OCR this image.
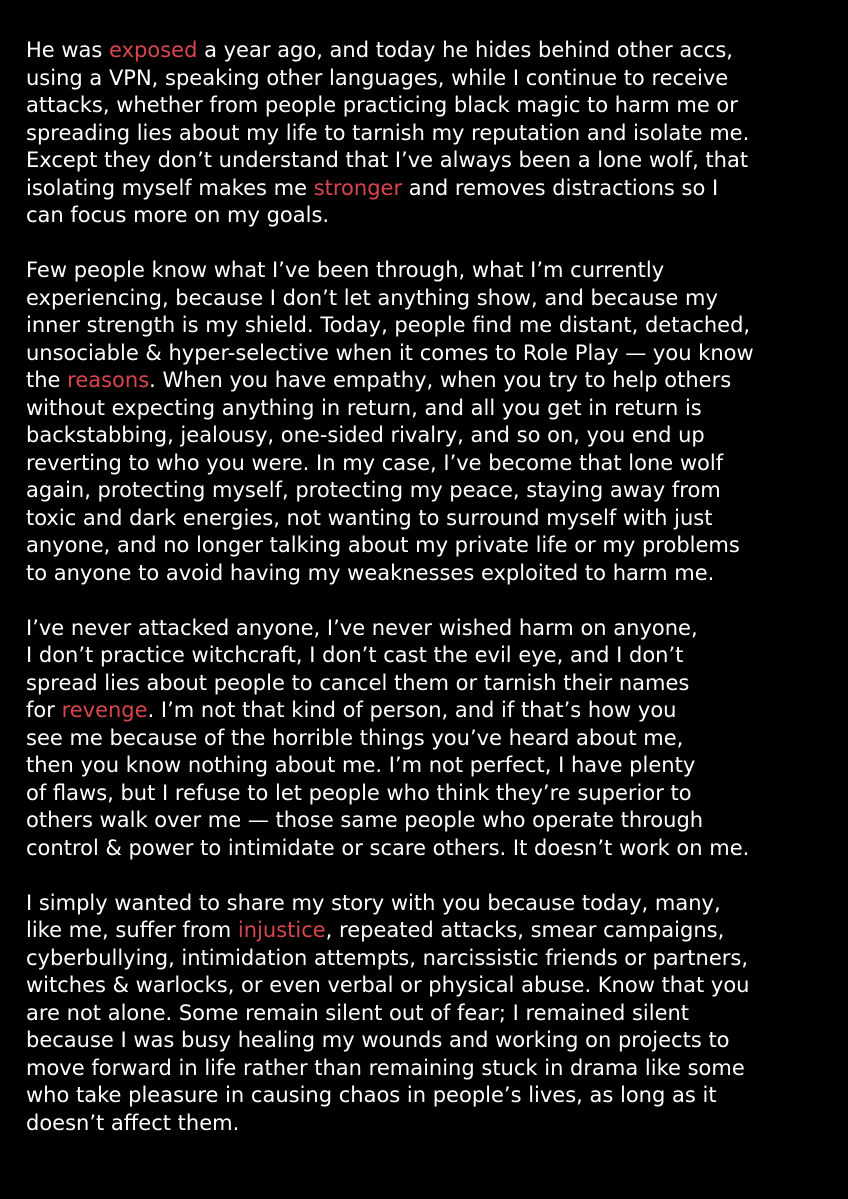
He was exposed a year ago, and today he hides behind other accs,
using a VPN, speaking other languages, while I continue to receive
attacks, whether from people practicing black magic to harm me or
spreading lies about my life to tarnish my reputation and isolate me.
Except they don’t understand that I’ve always been a lone wolf, that
isolating myself makes me stronger and removes distractions so I
can focus more on my goals.

Few people know what I’ve been through, what I’m currently
experiencing, because I don’t let anything show, and because my
inner strength is my shield. Today, people find me distant, detached,
unsociable & hyper-selective when it comes to Role Play — you know
the reasons. When you have empathy, when you try to help others
without expecting anything in return, and all you get in return is
backstabbing, jealousy, one-sided rivalry, and so on, you end up
reverting to who you were. In my case, I’ve become that lone wolf
again, protecting myself, protecting my peace, staying away from
toxic and dark energies, not wanting to surround myself with just
anyone, and no longer talking about my private life or my problems
to anyone to avoid having my weaknesses exploited to harm me.

I’ve never attacked anyone, I’ve never wished harm on anyone,
I don’t practice witchcraft, I don’t cast the evil eye, and I don’t
spread lies about people to cancel them or tarnish their names
for revenge. I’m not that kind of person, and if that’s how you
see me because of the horrible things you’ve heard about me,
then you know nothing about me. I’m not perfect, I have plenty
of flaws, but I refuse to let people who think they’re superior to
others walk over me — those same people who operate through
control & power to intimidate or scare others. It doesn’t work on me.

I simply wanted to share my story with you because today, many,
like me, suffer from injustice, repeated attacks, smear campaigns,
cyberbullying, intimidation attempts, narcissistic friends or partners,
witches & warlocks, or even verbal or physical abuse. Know that you
are not alone. Some remain silent out of fear; I remained silent
because I was busy healing my wounds and working on projects to
move forward in life rather than remaining stuck in drama like some
who take pleasure in causing chaos in people’s lives, as long as it
doesn’t affect them.
